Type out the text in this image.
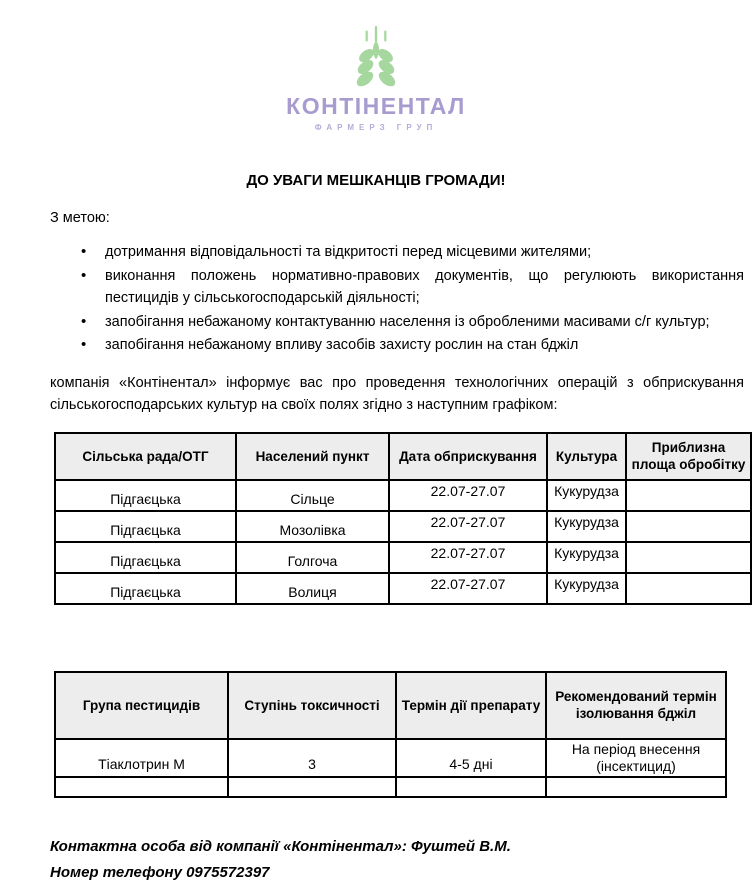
КОНТІНЕНТАЛ
ФАРМЕРЗ ГРУП
ДО УВАГИ МЕШКАНЦІВ ГРОМАДИ!
З метою:
• дотримання відповідальності та відкритості перед місцевими жителями;
• виконання положень нормативно-правових документів, що регулюють використання пестицидів у сільськогосподарській діяльності;
• запобігання небажаному контактуванню населення із обробленими масивами с/г культур;
• запобігання небажаному впливу засобів захисту рослин на стан бджіл
компанія «Контінентал» інформує вас про проведення технологічних операцій з обприскування сільськогосподарських культур на своїх полях згідно з наступним графіком:
Сільська рада/ОТГ	Населений пункт	Дата обприскування	Культура	Приблизна площа обробітку
Підгаєцька	Сільце	22.07-27.07	Кукурудза	
Підгаєцька	Мозолівка	22.07-27.07	Кукурудза	
Підгаєцька	Голгоча	22.07-27.07	Кукурудза	
Підгаєцька	Волиця	22.07-27.07	Кукурудза	
Група пестицидів	Ступінь токсичності	Термін дії препарату	Рекомендований термін ізолювання бджіл
Тіаклотрин М	3	4-5 дні	На період внесення (інсектицид)

Контактна особа від компанії «Контінентал»: Фуштей В.М.
Номер телефону 0975572397
